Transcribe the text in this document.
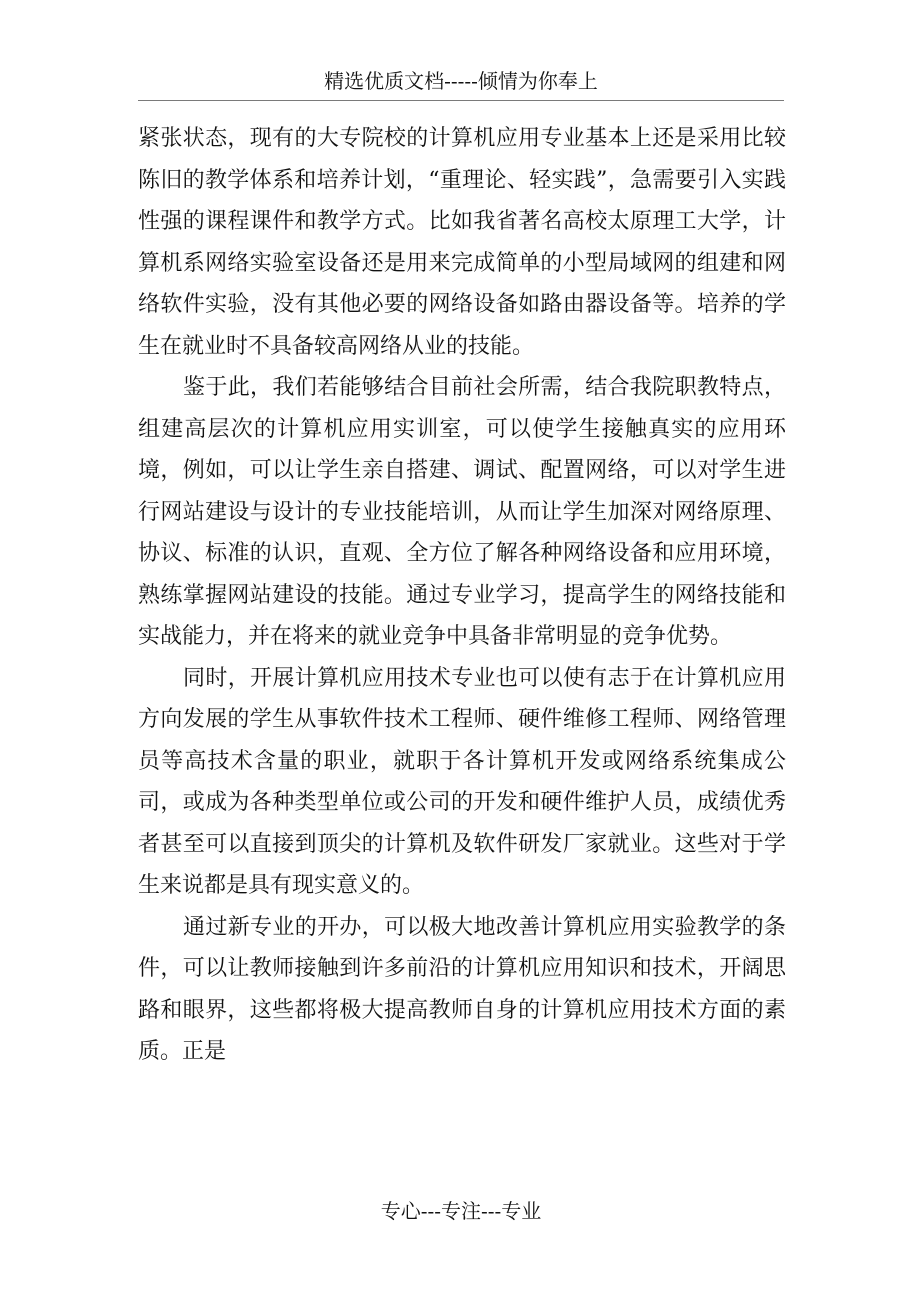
精选优质文档-----倾情为你奉上

紧张状态，现有的大专院校的计算机应用专业基本上还是采用比较陈旧的教学体系和培养计划，“重理论、轻实践”，急需要引入实践性强的课程课件和教学方式。比如我省著名高校太原理工大学，计算机系网络实验室设备还是用来完成简单的小型局域网的组建和网络软件实验，没有其他必要的网络设备如路由器设备等。培养的学生在就业时不具备较高网络从业的技能。

鉴于此，我们若能够结合目前社会所需，结合我院职教特点，组建高层次的计算机应用实训室，可以使学生接触真实的应用环境，例如，可以让学生亲自搭建、调试、配置网络，可以对学生进行网站建设与设计的专业技能培训，从而让学生加深对网络原理、协议、标准的认识，直观、全方位了解各种网络设备和应用环境，熟练掌握网站建设的技能。通过专业学习，提高学生的网络技能和实战能力，并在将来的就业竞争中具备非常明显的竞争优势。

同时，开展计算机应用技术专业也可以使有志于在计算机应用方向发展的学生从事软件技术工程师、硬件维修工程师、网络管理员等高技术含量的职业，就职于各计算机开发或网络系统集成公司，或成为各种类型单位或公司的开发和硬件维护人员，成绩优秀者甚至可以直接到顶尖的计算机及软件研发厂家就业。这些对于学生来说都是具有现实意义的。

通过新专业的开办，可以极大地改善计算机应用实验教学的条件，可以让教师接触到许多前沿的计算机应用知识和技术，开阔思路和眼界，这些都将极大提高教师自身的计算机应用技术方面的素质。正是

专心---专注---专业
